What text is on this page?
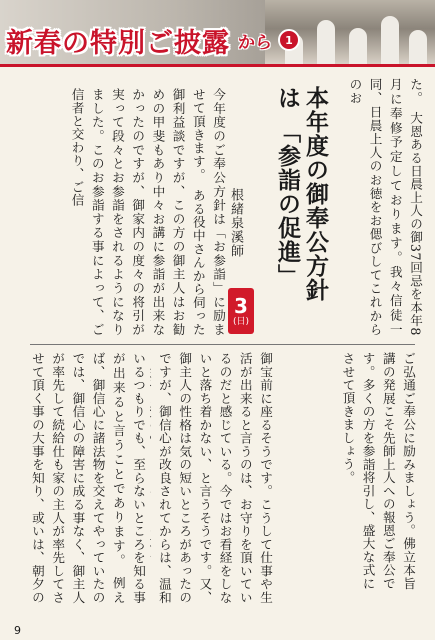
新春の特別ご披露 から	1
た。　大恩ある日晨上人の御37回忌を本年8月に奉修予定しております。我々信徒一同、日晨上人のお徳をお偲びしてこれからのお
ご弘通ご奉公に励みましょう。佛立本旨講の発展こそ先師上人への報恩ご奉公です。多くの方を参詣将引し、盛大な式にさせて頂きましょう。
本年度の御奉公方針は「参詣の促進」
根緒泉溪師
3
(日)
今年度のご奉公方針は「お参詣」に励ませて頂きます。　ある役中さんから伺った御利益談ですが、この方の御主人はお勧めの甲斐もあり中々お講に参詣が出来なかったのですが、御家内の度々の将引が実って段々とお参詣をされるようになりました。このお参詣する事によって、ご信者と交わり、ご信
いるつもりでも、至らないところを知る事が出来ると言うことであります。　例えば、御信心に諸法物を交えてやっていたのでは、御信心の障害に成る事なく、御主人が率先して続給仕も家の主人が率先してさせて頂く事の大事を知り、或いは、朝夕の
御宝前に座るそうです。こうして仕事や生活が出来ると言うのは、お守りを頂いているのだと感じている。今ではお看経をしないと落ち着かない、と言うそうです。又、御主人の性格は気の短いところがあったのですが、御信心が改良されてからは、温和　
9
